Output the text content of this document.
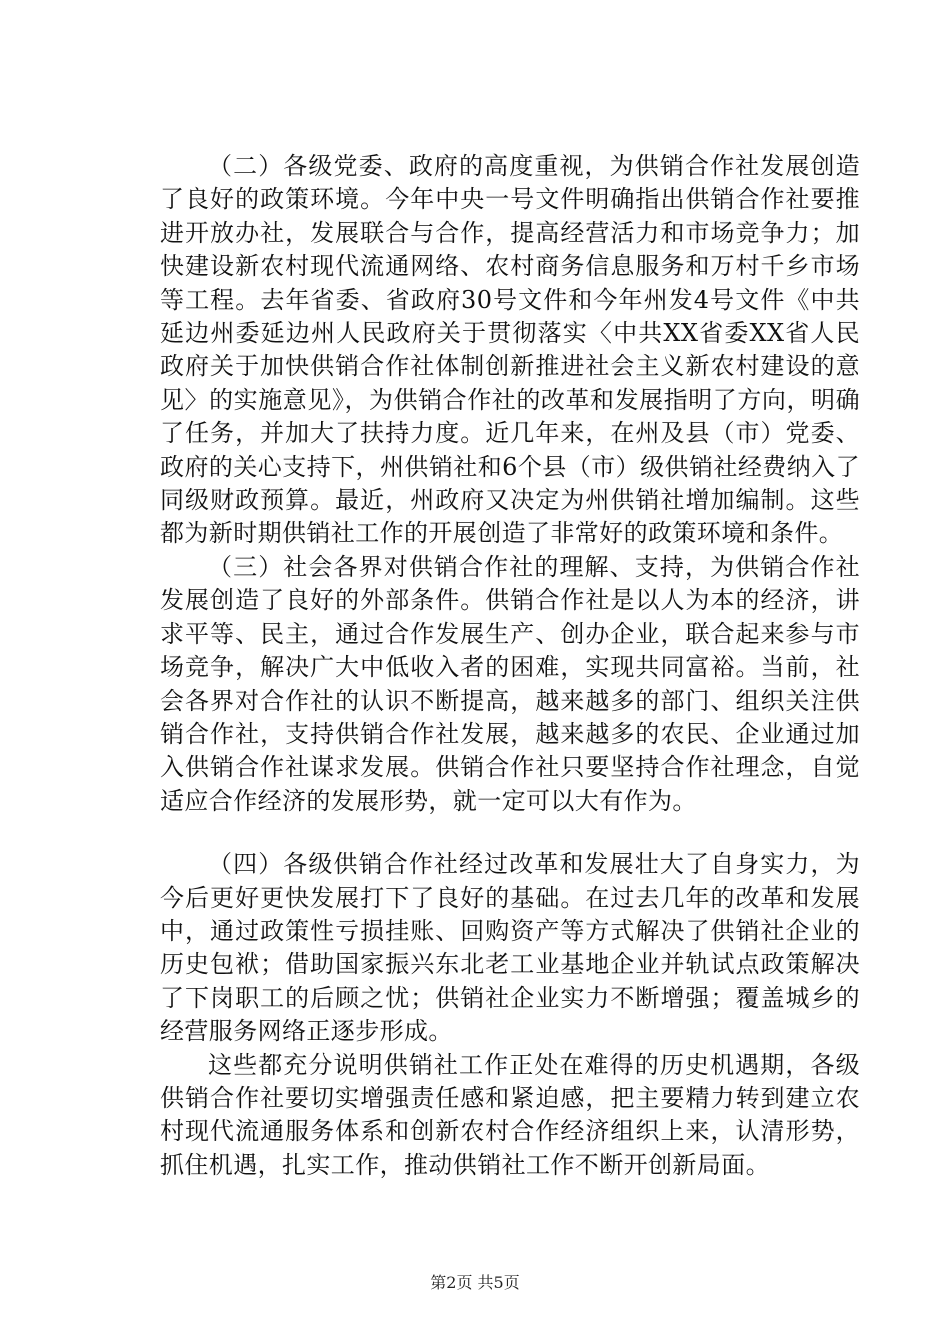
（二）各级党委、政府的高度重视，为供销合作社发展创造了良好的政策环境。今年中央一号文件明确指出供销合作社要推进开放办社，发展联合与合作，提高经营活力和市场竞争力；加快建设新农村现代流通网络、农村商务信息服务和万村千乡市场等工程。去年省委、省政府30号文件和今年州发4号文件《中共延边州委延边州人民政府关于贯彻落实〈中共XX省委XX省人民政府关于加快供销合作社体制创新推进社会主义新农村建设的意见〉的实施意见》，为供销合作社的改革和发展指明了方向，明确了任务，并加大了扶持力度。近几年来，在州及县（市）党委、政府的关心支持下，州供销社和6个县（市）级供销社经费纳入了同级财政预算。最近，州政府又决定为州供销社增加编制。这些都为新时期供销社工作的开展创造了非常好的政策环境和条件。

（三）社会各界对供销合作社的理解、支持，为供销合作社发展创造了良好的外部条件。供销合作社是以人为本的经济，讲求平等、民主，通过合作发展生产、创办企业，联合起来参与市场竞争，解决广大中低收入者的困难，实现共同富裕。当前，社会各界对合作社的认识不断提高，越来越多的部门、组织关注供销合作社，支持供销合作社发展，越来越多的农民、企业通过加入供销合作社谋求发展。供销合作社只要坚持合作社理念，自觉适应合作经济的发展形势，就一定可以大有作为。

（四）各级供销合作社经过改革和发展壮大了自身实力，为今后更好更快发展打下了良好的基础。在过去几年的改革和发展中，通过政策性亏损挂账、回购资产等方式解决了供销社企业的历史包袱；借助国家振兴东北老工业基地企业并轨试点政策解决了下岗职工的后顾之忧；供销社企业实力不断增强；覆盖城乡的经营服务网络正逐步形成。

这些都充分说明供销社工作正处在难得的历史机遇期，各级供销合作社要切实增强责任感和紧迫感，把主要精力转到建立农村现代流通服务体系和创新农村合作经济组织上来，认清形势，抓住机遇，扎实工作，推动供销社工作不断开创新局面。

第2页 共5页
